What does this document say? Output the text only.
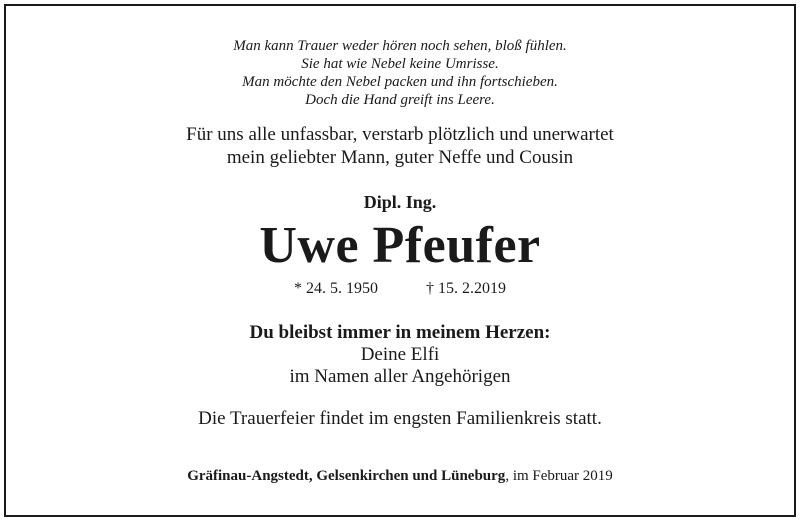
Man kann Trauer weder hören noch sehen, bloß fühlen.
Sie hat wie Nebel keine Umrisse.
Man möchte den Nebel packen und ihn fortschieben.
Doch die Hand greift ins Leere.
Für uns alle unfassbar, verstarb plötzlich und unerwartet
mein geliebter Mann, guter Neffe und Cousin
Dipl. Ing.
Uwe Pfeufer
* 24. 5. 1950	† 15. 2.2019
Du bleibst immer in meinem Herzen:
Deine Elfi
im Namen aller Angehörigen
Die Trauerfeier findet im engsten Familienkreis statt.
Gräfinau-Angstedt, Gelsenkirchen und Lüneburg, im Februar 2019
